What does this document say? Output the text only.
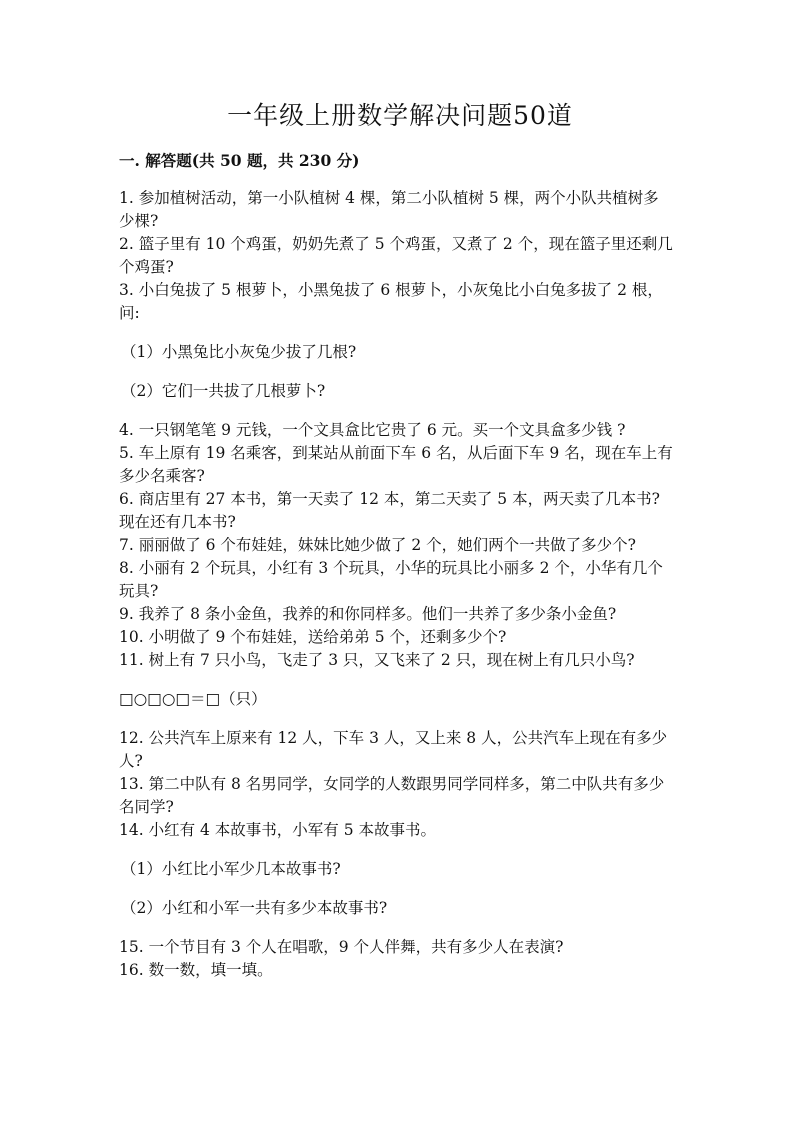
一年级上册数学解决问题50道

一. 解答题(共 50 题，共 230 分)

1. 参加植树活动，第一小队植树 4 棵，第二小队植树 5 棵，两个小队共植树多

少棵?

2. 篮子里有 10 个鸡蛋，奶奶先煮了 5 个鸡蛋，又煮了 2 个，现在篮子里还剩几

个鸡蛋?

3. 小白兔拔了 5 根萝卜，小黑兔拔了 6 根萝卜，小灰兔比小白兔多拔了 2 根，

问:

（1）小黑兔比小灰兔少拔了几根?

（2）它们一共拔了几根萝卜?

4. 一只钢笔笔 9 元钱，一个文具盒比它贵了 6 元。买一个文具盒多少钱 ?

5. 车上原有 19 名乘客，到某站从前面下车 6 名，从后面下车 9 名，现在车上有

多少名乘客?

6. 商店里有 27 本书，第一天卖了 12 本，第二天卖了 5 本，两天卖了几本书?

现在还有几本书?

7. 丽丽做了 6 个布娃娃，妹妹比她少做了 2 个，她们两个一共做了多少个?

8. 小丽有 2 个玩具，小红有 3 个玩具，小华的玩具比小丽多 2 个，小华有几个

玩具?

9. 我养了 8 条小金鱼，我养的和你同样多。他们一共养了多少条小金鱼?

10. 小明做了 9 个布娃娃，送给弟弟 5 个，还剩多少个?

11. 树上有 7 只小鸟，飞走了 3 只，又飞来了 2 只，现在树上有几只小鸟?

□○□○□＝□（只）

12. 公共汽车上原来有 12 人，下车 3 人，又上来 8 人，公共汽车上现在有多少

人?

13. 第二中队有 8 名男同学，女同学的人数跟男同学同样多，第二中队共有多少

名同学?

14. 小红有 4 本故事书，小军有 5 本故事书。

（1）小红比小军少几本故事书?

（2）小红和小军一共有多少本故事书?

15. 一个节目有 3 个人在唱歌，9 个人伴舞，共有多少人在表演?

16. 数一数，填一填。
